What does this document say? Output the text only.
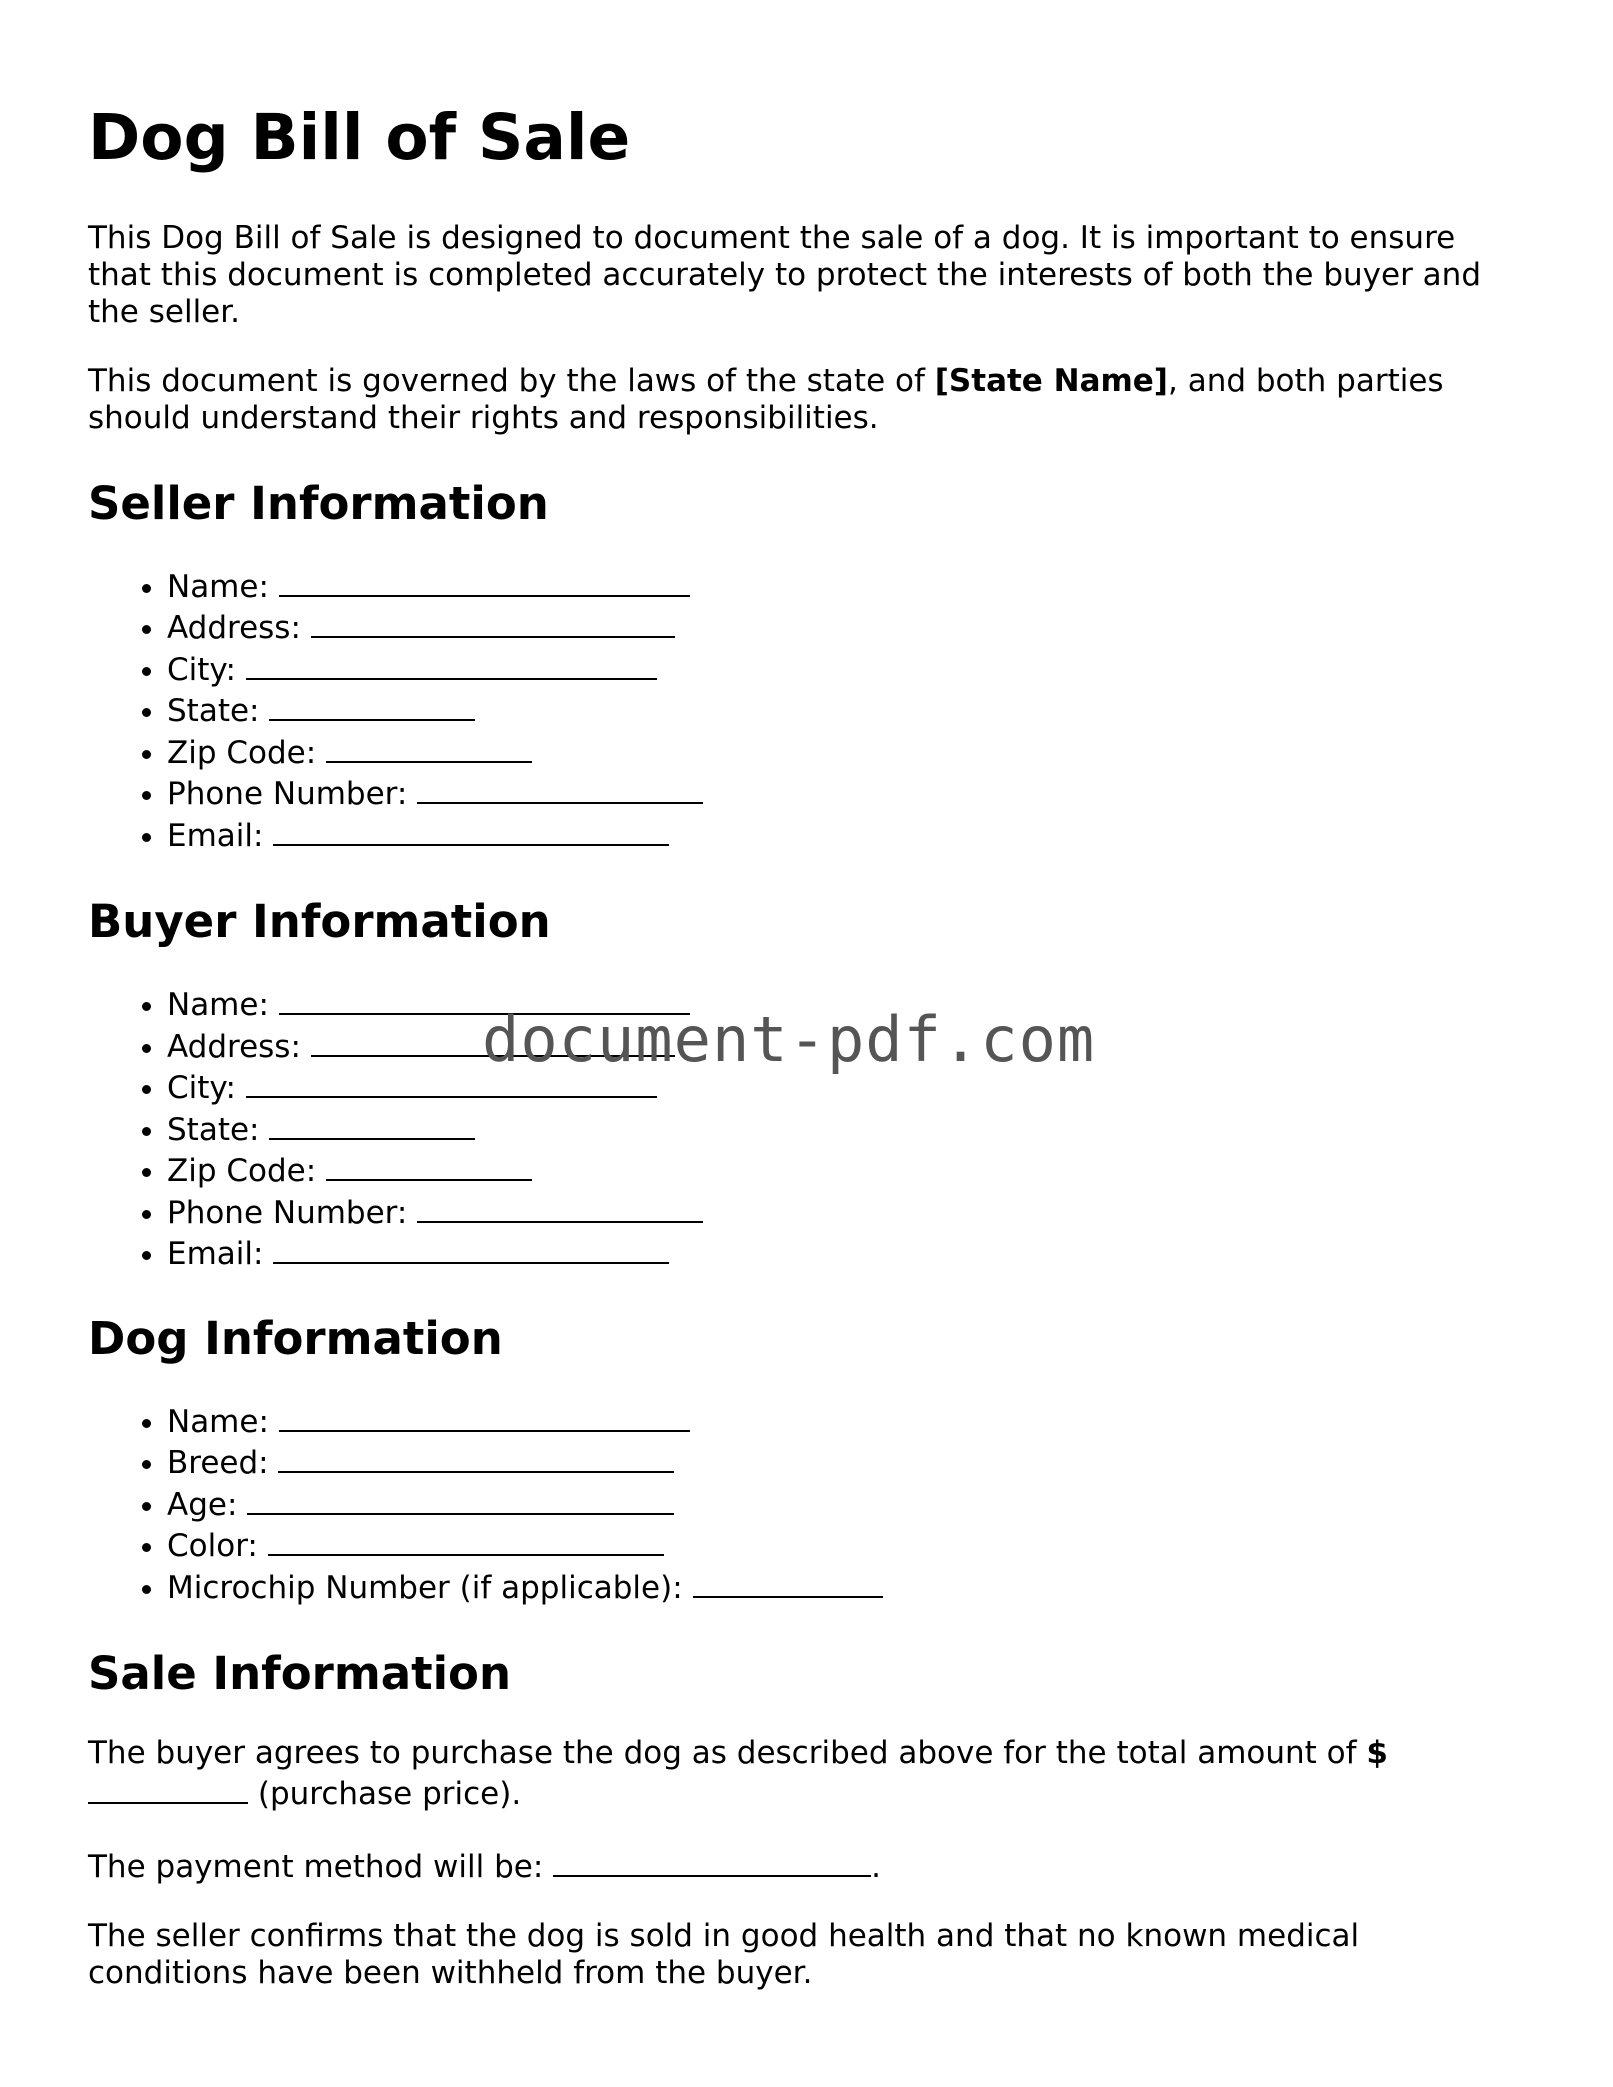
Dog Bill of Sale

This Dog Bill of Sale is designed to document the sale of a dog. It is important to ensure that this document is completed accurately to protect the interests of both the buyer and the seller.

This document is governed by the laws of the state of [State Name], and both parties should understand their rights and responsibilities.

Seller Information
• Name:
• Address:
• City:
• State:
• Zip Code:
• Phone Number:
• Email:
Buyer Information
• Name:
• Address:
• City:
• State:
• Zip Code:
• Phone Number:
• Email:
Dog Information
• Name:
• Breed:
• Age:
• Color:
• Microchip Number (if applicable):
Sale Information

The buyer agrees to purchase the dog as described above for the total amount of $ (purchase price).

The payment method will be:	.

The seller confirms that the dog is sold in good health and that no known medical conditions have been withheld from the buyer.

document-pdf.com
